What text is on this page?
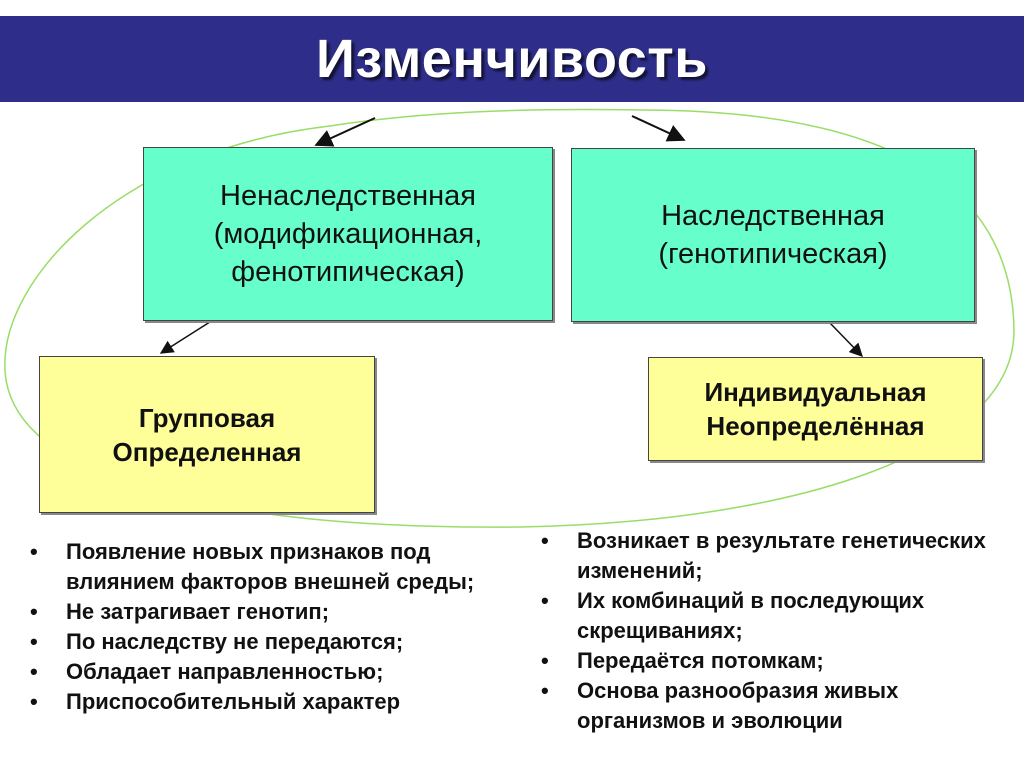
Изменчивость
Ненаследственная
(модификационная,
фенотипическая)
Наследственная
(генотипическая)
Групповая
Определенная
Индивидуальная
Неопределённая
• Появление новых признаков под влиянием факторов внешней среды;
• Не затрагивает генотип;
• По наследству не передаются;
• Обладает направленностью;
• Приспособительный характер
• Возникает в результате генетических изменений;
• Их комбинаций в последующих скрещиваниях;
• Передаётся потомкам;
• Основа разнообразия живых организмов и эволюции
